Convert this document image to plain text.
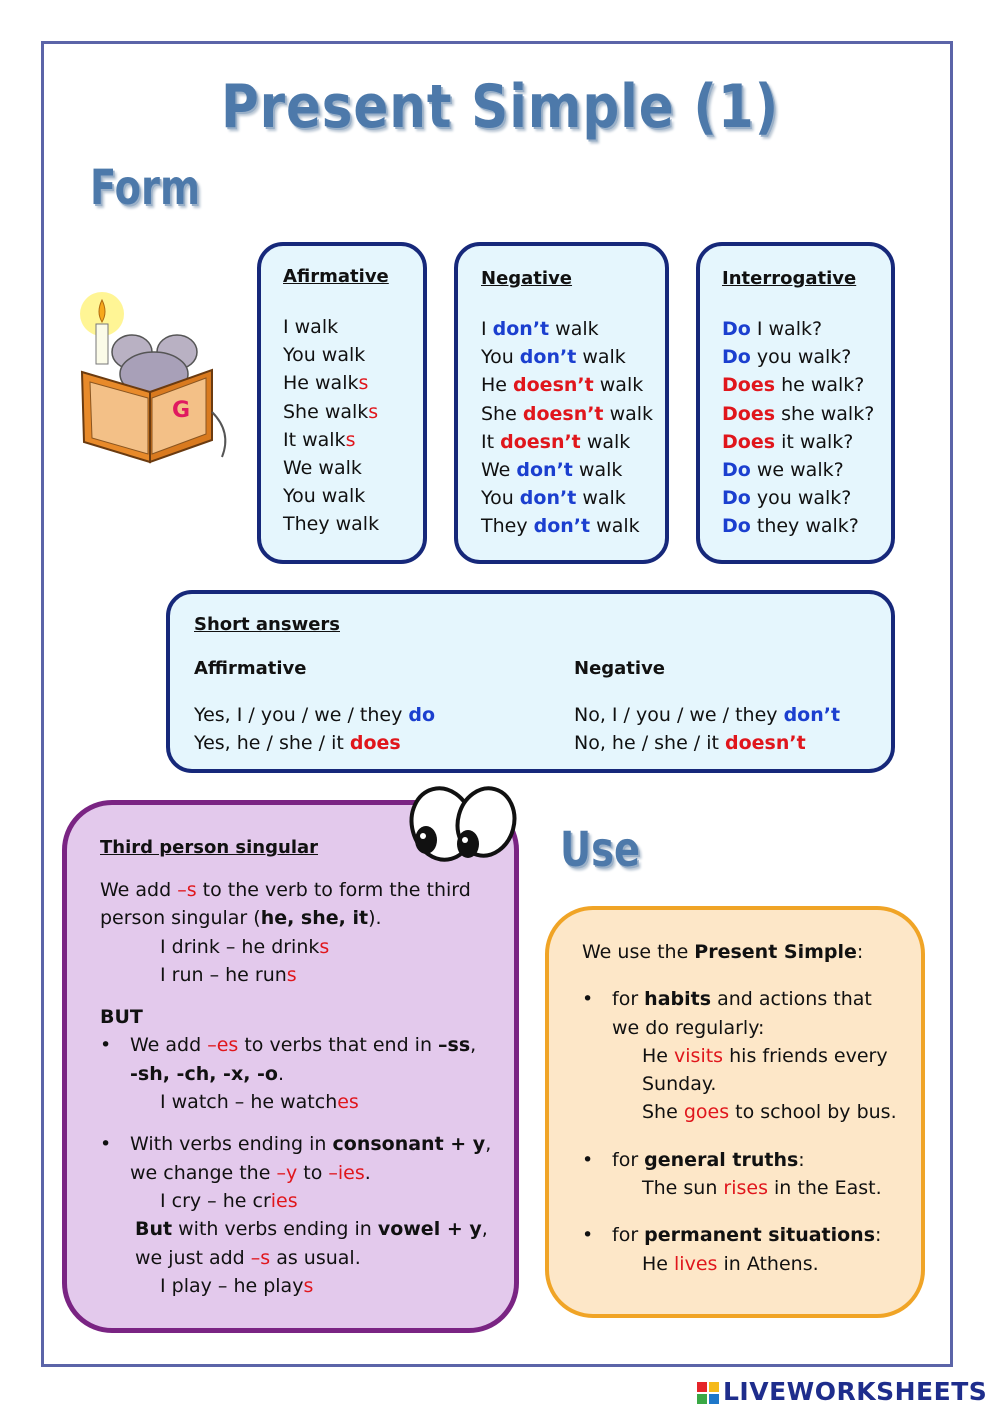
Present Simple (1)
Form
G
Afirmative
I walk
You walk
He walks
She walks
It walks
We walk
You walk
They walk
Negative
I don’t walk
You don’t walk
He doesn’t walk
She doesn’t walk
It doesn’t walk
We don’t walk
You don’t walk
They don’t walk
Interrogative
Do I walk?
Do you walk?
Does he walk?
Does she walk?
Does it walk?
Do we walk?
Do you walk?
Do they walk?
Short answers
Affirmative
Yes, I / you / we / they do
Yes, he / she / it does
Negative
No, I / you / we / they don’t
No, he / she / it doesn’t
Third person singular
We add –s to the verb to form the third
person singular (he, she, it).
I drink – he drinks
I run – he runs
BUT
• We add –es to verbs that end in –ss,
-sh, -ch, -x, -o.
I watch – he watches
• With verbs ending in consonant + y,
we change the –y to –ies.
I cry – he cries
But with verbs ending in vowel + y,
we just add –s as usual.
I play – he plays
Use
We use the Present Simple:
• for habits and actions that
we do regularly:
He visits his friends every
Sunday.
She goes to school by bus.
• for general truths:
The sun rises in the East.
• for permanent situations:
He lives in Athens.
LIVEWORKSHEETS
